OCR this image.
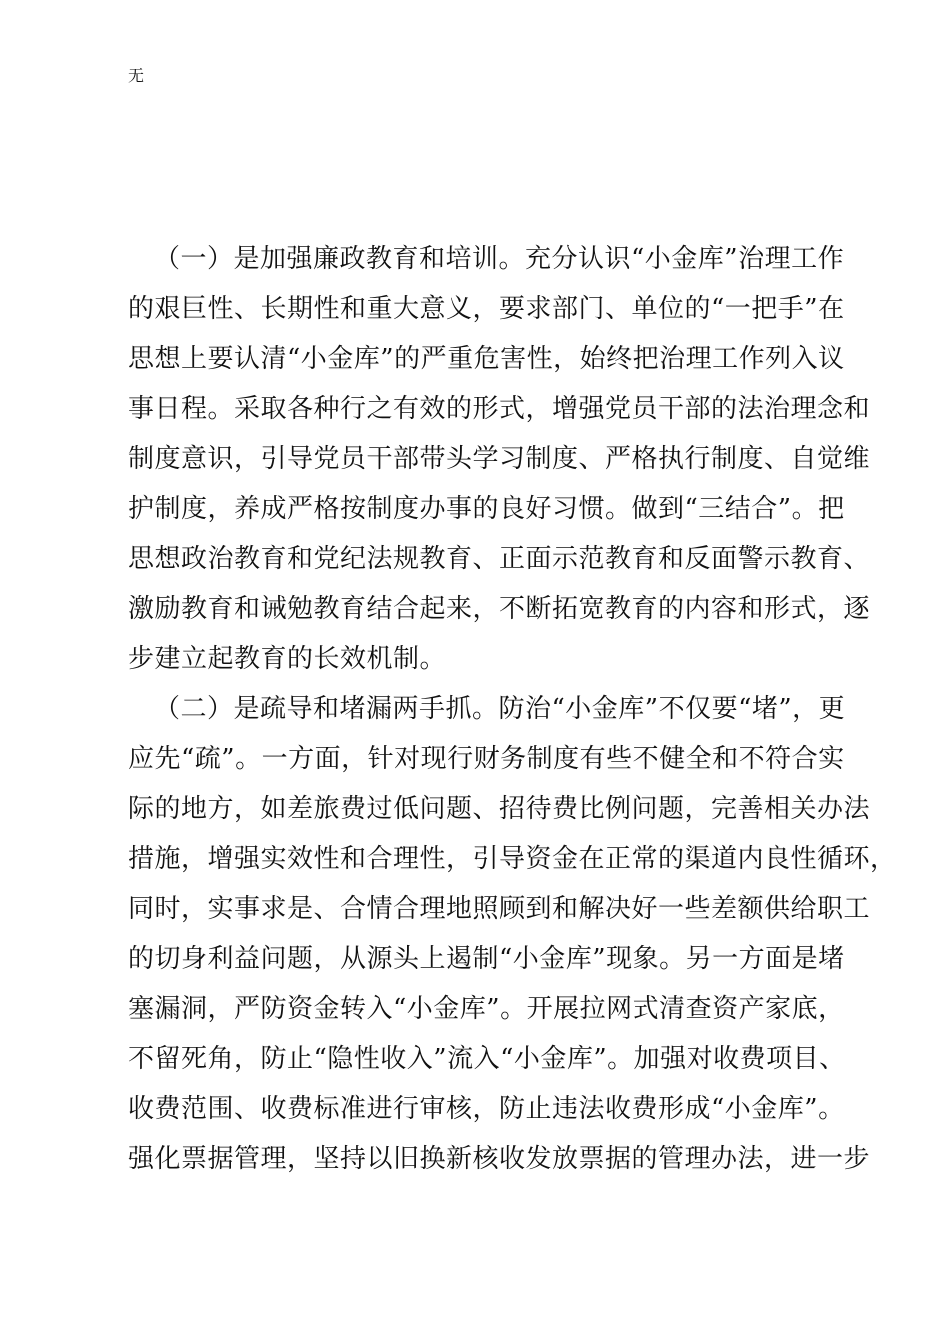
无
（一）是加强廉政教育和培训。充分认识“小金库”治理工作
的艰巨性、长期性和重大意义，要求部门、单位的“一把手”在
思想上要认清“小金库”的严重危害性，始终把治理工作列入议
事日程。采取各种行之有效的形式，增强党员干部的法治理念和
制度意识，引导党员干部带头学习制度、严格执行制度、自觉维
护制度，养成严格按制度办事的良好习惯。做到“三结合”。把
思想政治教育和党纪法规教育、正面示范教育和反面警示教育、
激励教育和诫勉教育结合起来，不断拓宽教育的内容和形式，逐
步建立起教育的长效机制。
（二）是疏导和堵漏两手抓。防治“小金库”不仅要“堵”，更
应先“疏”。一方面，针对现行财务制度有些不健全和不符合实
际的地方，如差旅费过低问题、招待费比例问题，完善相关办法
措施，增强实效性和合理性，引导资金在正常的渠道内良性循环，
同时，实事求是、合情合理地照顾到和解决好一些差额供给职工
的切身利益问题，从源头上遏制“小金库”现象。另一方面是堵
塞漏洞，严防资金转入“小金库”。开展拉网式清查资产家底，
不留死角，防止“隐性收入”流入“小金库”。加强对收费项目、
收费范围、收费标准进行审核，防止违法收费形成“小金库”。
强化票据管理，坚持以旧换新核收发放票据的管理办法，进一步
